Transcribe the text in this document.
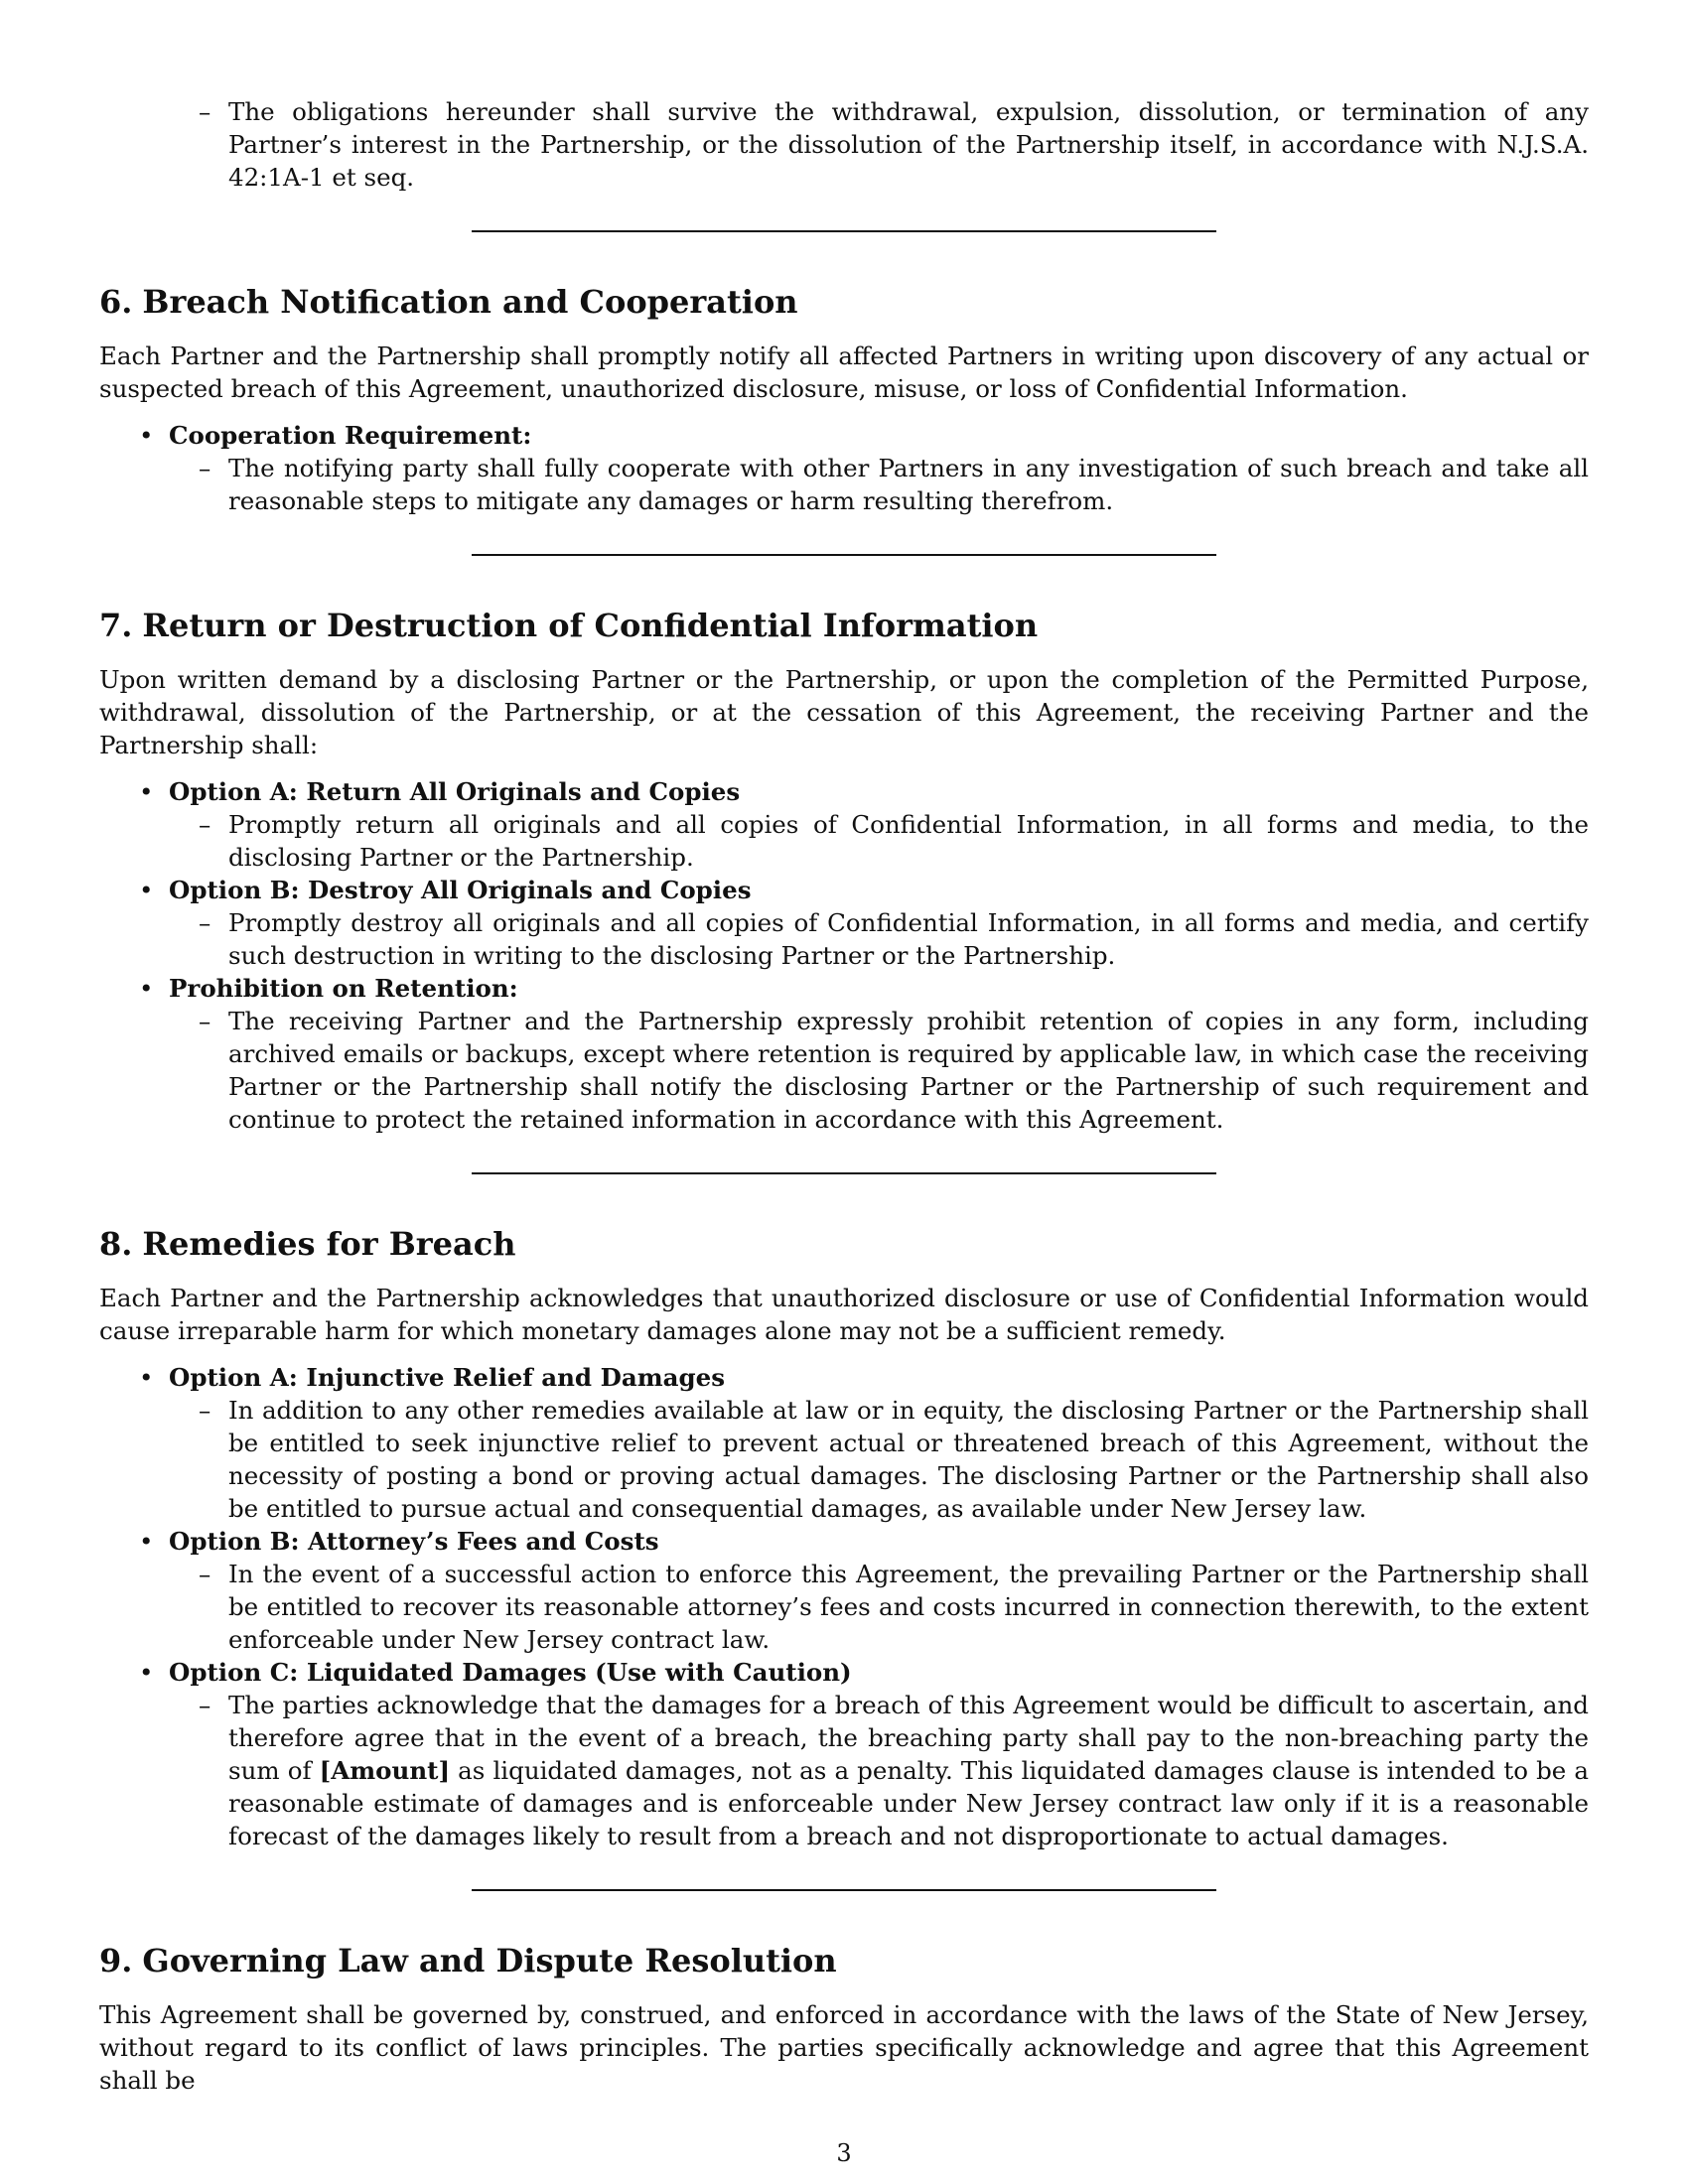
– The obligations hereunder shall survive the withdrawal, expulsion, dissolution, or termination of any Partner’s interest in the Partnership, or the dissolution of the Partnership itself, in accordance with N.J.S.A. 42:1A-1 et seq.
6. Breach Notification and Cooperation

Each Partner and the Partnership shall promptly notify all affected Partners in writing upon discovery of any actual or suspected breach of this Agreement, unauthorized disclosure, misuse, or loss of Confidential Information.

• Cooperation Requirement:
– The notifying party shall fully cooperate with other Partners in any investigation of such breach and take all reasonable steps to mitigate any damages or harm resulting therefrom.
7. Return or Destruction of Confidential Information

Upon written demand by a disclosing Partner or the Partnership, or upon the completion of the Permitted Purpose, withdrawal, dissolution of the Partnership, or at the cessation of this Agreement, the receiving Partner and the Partnership shall:

• Option A: Return All Originals and Copies
– Promptly return all originals and all copies of Confidential Information, in all forms and media, to the disclosing Partner or the Partnership.
• Option B: Destroy All Originals and Copies
– Promptly destroy all originals and all copies of Confidential Information, in all forms and media, and certify such destruction in writing to the disclosing Partner or the Partnership.
• Prohibition on Retention:
– The receiving Partner and the Partnership expressly prohibit retention of copies in any form, including archived emails or backups, except where retention is required by applicable law, in which case the receiving Partner or the Partnership shall notify the disclosing Partner or the Partnership of such requirement and continue to protect the retained information in accordance with this Agreement.
8. Remedies for Breach

Each Partner and the Partnership acknowledges that unauthorized disclosure or use of Confidential Information would cause irreparable harm for which monetary damages alone may not be a sufficient remedy.

• Option A: Injunctive Relief and Damages
– In addition to any other remedies available at law or in equity, the disclosing Partner or the Partnership shall be entitled to seek injunctive relief to prevent actual or threatened breach of this Agreement, without the necessity of posting a bond or proving actual damages. The disclosing Partner or the Partnership shall also be entitled to pursue actual and consequential damages, as available under New Jersey law.
• Option B: Attorney’s Fees and Costs
– In the event of a successful action to enforce this Agreement, the prevailing Partner or the Partnership shall be entitled to recover its reasonable attorney’s fees and costs incurred in connection therewith, to the extent enforceable under New Jersey contract law.
• Option C: Liquidated Damages (Use with Caution)
– The parties acknowledge that the damages for a breach of this Agreement would be difficult to ascertain, and therefore agree that in the event of a breach, the breaching party shall pay to the non-breaching party the sum of [Amount] as liquidated damages, not as a penalty. This liquidated damages clause is intended to be a reasonable estimate of damages and is enforceable under New Jersey contract law only if it is a reasonable forecast of the damages likely to result from a breach and not disproportionate to actual damages.
9. Governing Law and Dispute Resolution

This Agreement shall be governed by, construed, and enforced in accordance with the laws of the State of New Jersey, without regard to its conflict of laws principles. The parties specifically acknowledge and agree that this Agreement shall be

3
